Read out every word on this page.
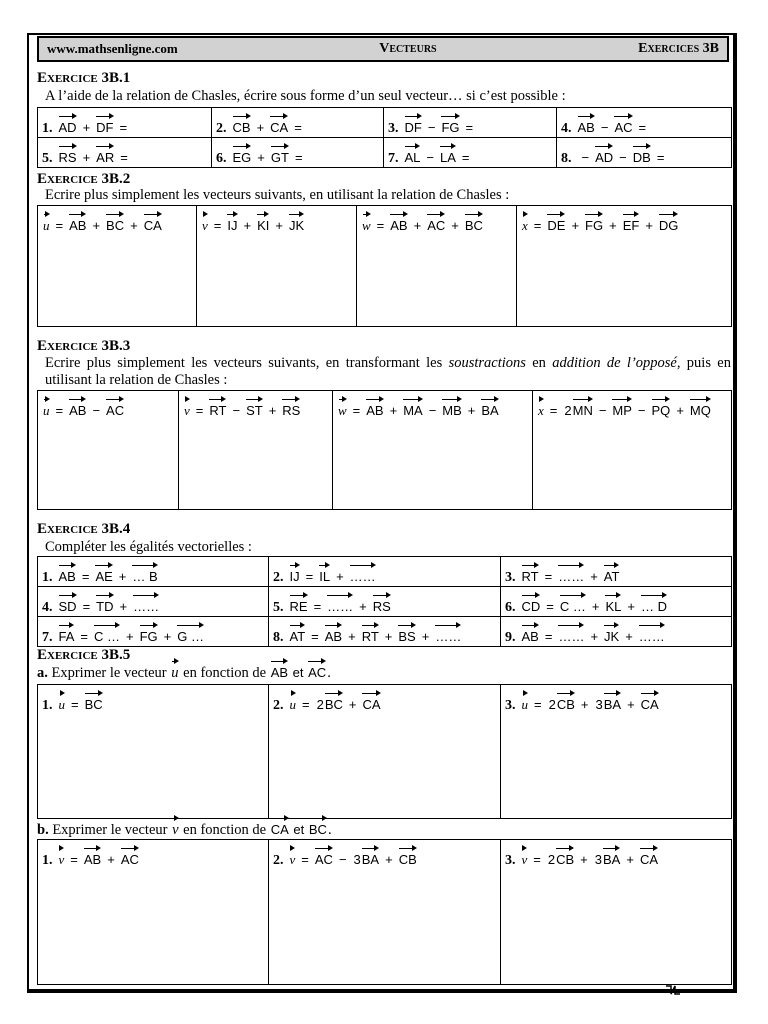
www.mathsenligne.com	Vecteurs	Exercices 3B
Exercice 3B.1
A l’aide de la relation de Chasles, écrire sous forme d’un seul vecteur… si c’est possible :
1. AD + DF =	2. CB + CA =	3. DF − FG =	4. AB − AC =
5. RS + AR =	6. EG + GT =	7. AL − LA =	8. − AD − DB =
Exercice 3B.2
Ecrire plus simplement les vecteurs suivants, en utilisant la relation de Chasles :
u = AB + BC + CA	v = IJ + KI + JK	w = AB + AC + BC	x = DE + FG + EF + DG
Exercice 3B.3
Ecrire plus simplement les vecteurs suivants, en transformant les soustractions en addition de l’opposé, puis en utilisant la relation de Chasles :
u = AB − AC	v = RT − ST + RS	w = AB + MA − MB + BA	x = 2MN − MP − PQ + MQ
Exercice 3B.4
Compléter les égalités vectorielles :
1. AB = AE + … B	2. IJ = IL + ……	3. RT = …… + AT
4. SD = TD + ……	5. RE = …… + RS	6. CD = C … + KL + … D
7. FA = C … + FG + G …	8. AT = AB + RT + BS + ……	9. AB = …… + JK + ……
Exercice 3B.5
a. Exprimer le vecteur u en fonction de AB et AC.
1. u = BC	2. u = 2BC + CA	3. u = 2CB + 3BA + CA
b. Exprimer le vecteur v en fonction de CA et BC.
1. v = AB + AC	2. v = AC − 3BA + CB	3. v = 2CB + 3BA + CA
